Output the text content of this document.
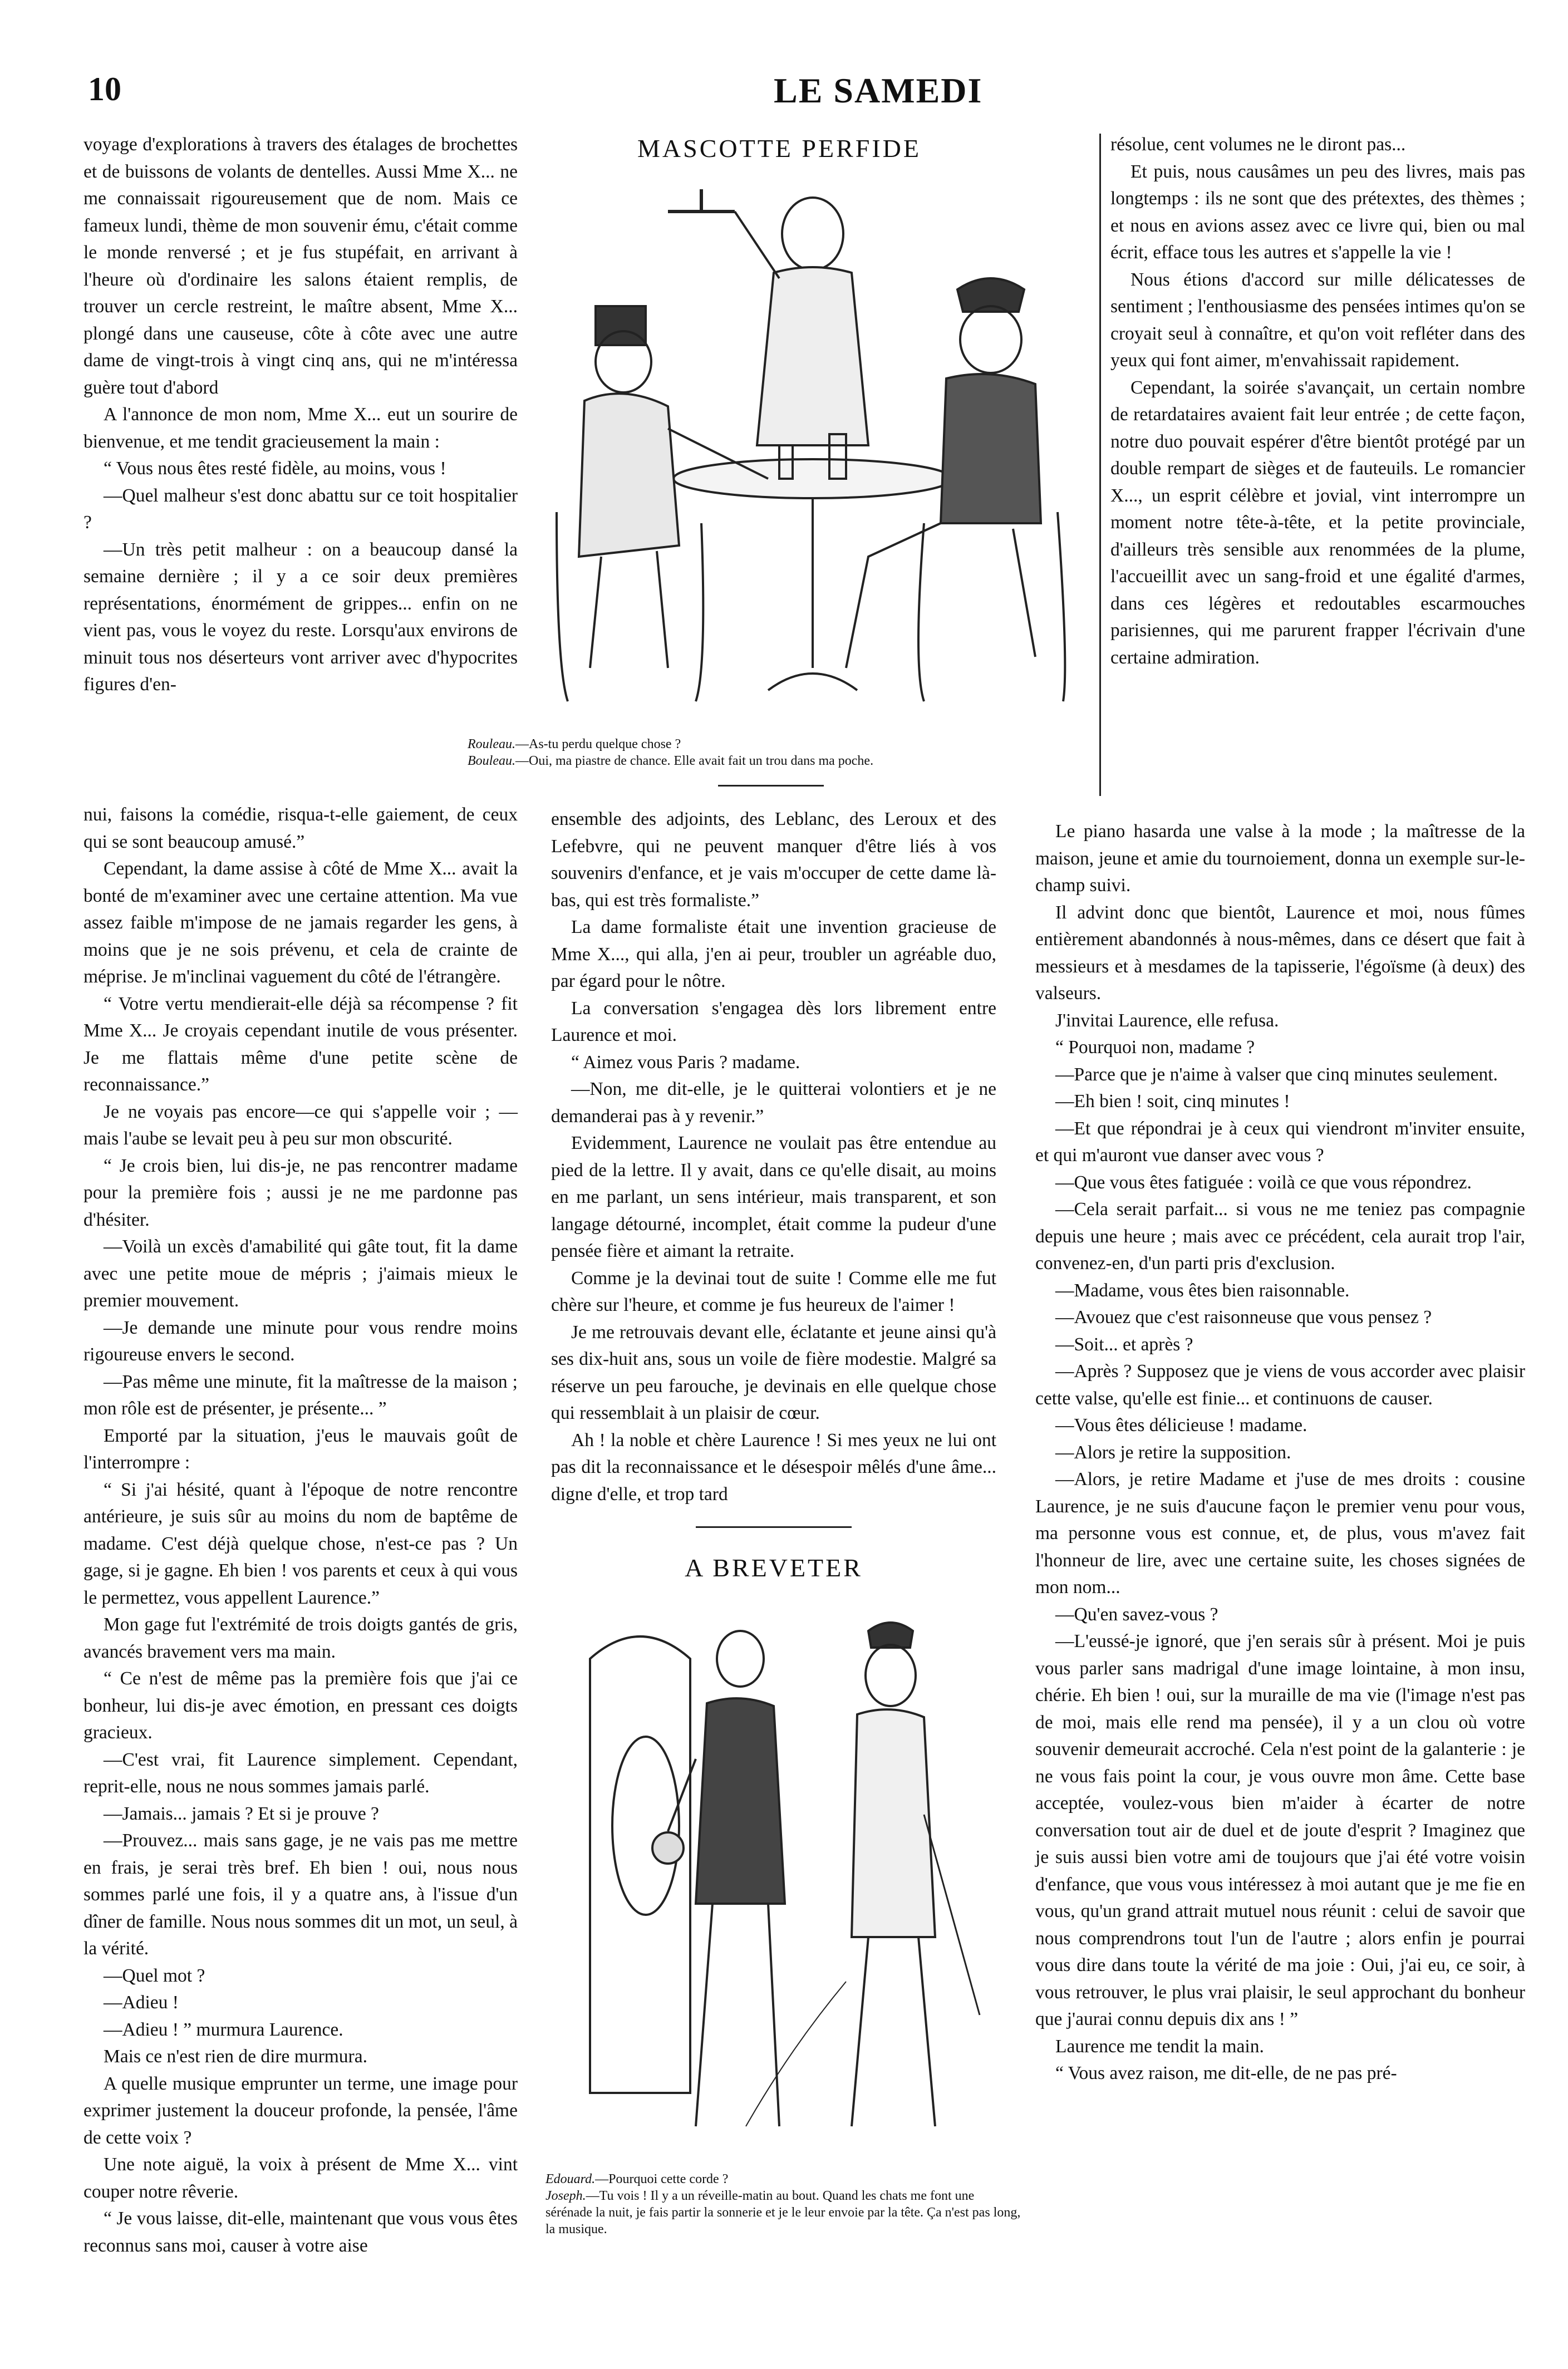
10	LE SAMEDI

voyage d'explorations à travers des étalages de brochettes et de buissons de volants de dentelles. Aussi Mme X... ne me connaissait rigoureusement que de nom. Mais ce fameux lundi, thème de mon souvenir ému, c'était comme le monde renversé ; et je fus stupéfait, en arrivant à l'heure où d'ordinaire les salons étaient remplis, de trouver un cercle restreint, le maître absent, Mme X... plongé dans une causeuse, côte à côte avec une autre dame de vingt-trois à vingt cinq ans, qui ne m'intéressa guère tout d'abord

A l'annonce de mon nom, Mme X... eut un sourire de bienvenue, et me tendit gracieusement la main :

“ Vous nous êtes resté fidèle, au moins, vous !

—Quel malheur s'est donc abattu sur ce toit hospitalier ?

—Un très petit malheur : on a beaucoup dansé la semaine dernière ; il y a ce soir deux premières représentations, énormément de grippes... enfin on ne vient pas, vous le voyez du reste. Lorsqu'aux environs de minuit tous nos déserteurs vont arriver avec d'hypocrites figures d'en-

MASCOTTE PERFIDE
Rouleau.—As-tu perdu quelque chose ?
Bouleau.—Oui, ma piastre de chance. Elle avait fait un trou dans ma poche.

nui, faisons la comédie, risqua-t-elle gaiement, de ceux qui se sont beaucoup amusé.”

Cependant, la dame assise à côté de Mme X... avait la bonté de m'examiner avec une certaine attention. Ma vue assez faible m'impose de ne jamais regarder les gens, à moins que je ne sois prévenu, et cela de crainte de méprise. Je m'inclinai vaguement du côté de l'étrangère.

“ Votre vertu mendierait-elle déjà sa récompense ? fit Mme X... Je croyais cependant inutile de vous présenter. Je me flattais même d'une petite scène de reconnaissance.”

Je ne voyais pas encore—ce qui s'appelle voir ; — mais l'aube se levait peu à peu sur mon obscurité.

“ Je crois bien, lui dis-je, ne pas rencontrer madame pour la première fois ; aussi je ne me pardonne pas d'hésiter.

—Voilà un excès d'amabilité qui gâte tout, fit la dame avec une petite moue de mépris ; j'aimais mieux le premier mouvement.

—Je demande une minute pour vous rendre moins rigoureuse envers le second.

—Pas même une minute, fit la maîtresse de la maison ; mon rôle est de présenter, je présente... ”

Emporté par la situation, j'eus le mauvais goût de l'interrompre :

“ Si j'ai hésité, quant à l'époque de notre rencontre antérieure, je suis sûr au moins du nom de baptême de madame. C'est déjà quelque chose, n'est-ce pas ? Un gage, si je gagne. Eh bien ! vos parents et ceux à qui vous le permettez, vous appellent Laurence.”

Mon gage fut l'extrémité de trois doigts gantés de gris, avancés bravement vers ma main.

“ Ce n'est de même pas la première fois que j'ai ce bonheur, lui dis-je avec émotion, en pressant ces doigts gracieux.

—C'est vrai, fit Laurence simplement. Cependant, reprit-elle, nous ne nous sommes jamais parlé.

—Jamais... jamais ? Et si je prouve ?

—Prouvez... mais sans gage, je ne vais pas me mettre en frais, je serai très bref. Eh bien ! oui, nous nous sommes parlé une fois, il y a quatre ans, à l'issue d'un dîner de famille. Nous nous sommes dit un mot, un seul, à la vérité.

—Quel mot ?

—Adieu !

—Adieu ! ” murmura Laurence.

Mais ce n'est rien de dire murmura.

A quelle musique emprunter un terme, une image pour exprimer justement la douceur profonde, la pensée, l'âme de cette voix ?

Une note aiguë, la voix à présent de Mme X... vint couper notre rêverie.

“ Je vous laisse, dit-elle, maintenant que vous vous êtes reconnus sans moi, causer à votre aise

ensemble des adjoints, des Leblanc, des Leroux et des Lefebvre, qui ne peuvent manquer d'être liés à vos souvenirs d'enfance, et je vais m'occuper de cette dame là-bas, qui est très formaliste.”

La dame formaliste était une invention gracieuse de Mme X..., qui alla, j'en ai peur, troubler un agréable duo, par égard pour le nôtre.

La conversation s'engagea dès lors librement entre Laurence et moi.

“ Aimez vous Paris ? madame.

—Non, me dit-elle, je le quitterai volontiers et je ne demanderai pas à y revenir.”

Evidemment, Laurence ne voulait pas être entendue au pied de la lettre. Il y avait, dans ce qu'elle disait, au moins en me parlant, un sens intérieur, mais transparent, et son langage détourné, incomplet, était comme la pudeur d'une pensée fière et aimant la retraite.

Comme je la devinai tout de suite ! Comme elle me fut chère sur l'heure, et comme je fus heureux de l'aimer !

Je me retrouvais devant elle, éclatante et jeune ainsi qu'à ses dix-huit ans, sous un voile de fière modestie. Malgré sa réserve un peu farouche, je devinais en elle quelque chose qui ressemblait à un plaisir de cœur.

Ah ! la noble et chère Laurence ! Si mes yeux ne lui ont pas dit la reconnaissance et le désespoir mêlés d'une âme... digne d'elle, et trop tard

A BREVETER
Edouard.—Pourquoi cette corde ?
Joseph.—Tu vois ! Il y a un réveille-matin au bout. Quand les chats me font une sérénade la nuit, je fais partir la sonnerie et je le leur envoie par la tête. Ça n'est pas long, la musique.

résolue, cent volumes ne le diront pas...

Et puis, nous causâmes un peu des livres, mais pas longtemps : ils ne sont que des prétextes, des thèmes ; et nous en avions assez avec ce livre qui, bien ou mal écrit, efface tous les autres et s'appelle la vie !

Nous étions d'accord sur mille délicatesses de sentiment ; l'enthousiasme des pensées intimes qu'on se croyait seul à connaître, et qu'on voit refléter dans des yeux qui font aimer, m'envahissait rapidement.

Cependant, la soirée s'avançait, un certain nombre de retardataires avaient fait leur entrée ; de cette façon, notre duo pouvait espérer d'être bientôt protégé par un double rempart de sièges et de fauteuils. Le romancier X..., un esprit célèbre et jovial, vint interrompre un moment notre tête-à-tête, et la petite provinciale, d'ailleurs très sensible aux renommées de la plume, l'accueillit avec un sang-froid et une égalité d'armes, dans ces légères et redoutables escarmouches parisiennes, qui me parurent frapper l'écrivain d'une certaine admiration.

Le piano hasarda une valse à la mode ; la maîtresse de la maison, jeune et amie du tournoiement, donna un exemple sur-le-champ suivi.

Il advint donc que bientôt, Laurence et moi, nous fûmes entièrement abandonnés à nous-mêmes, dans ce désert que fait à messieurs et à mesdames de la tapisserie, l'égoïsme (à deux) des valseurs.

J'invitai Laurence, elle refusa.

“ Pourquoi non, madame ?

—Parce que je n'aime à valser que cinq minutes seulement.

—Eh bien ! soit, cinq minutes !

—Et que répondrai je à ceux qui viendront m'inviter ensuite, et qui m'auront vue danser avec vous ?

—Que vous êtes fatiguée : voilà ce que vous répondrez.

—Cela serait parfait... si vous ne me teniez pas compagnie depuis une heure ; mais avec ce précédent, cela aurait trop l'air, convenez-en, d'un parti pris d'exclusion.

—Madame, vous êtes bien raisonnable.

—Avouez que c'est raisonneuse que vous pensez ?

—Soit... et après ?

—Après ? Supposez que je viens de vous accorder avec plaisir cette valse, qu'elle est finie... et continuons de causer.

—Vous êtes délicieuse ! madame.

—Alors je retire la supposition.

—Alors, je retire Madame et j'use de mes droits : cousine Laurence, je ne suis d'aucune façon le premier venu pour vous, ma personne vous est connue, et, de plus, vous m'avez fait l'honneur de lire, avec une certaine suite, les choses signées de mon nom...

—Qu'en savez-vous ?

—L'eussé-je ignoré, que j'en serais sûr à présent. Moi je puis vous parler sans madrigal d'une image lointaine, à mon insu, chérie. Eh bien ! oui, sur la muraille de ma vie (l'image n'est pas de moi, mais elle rend ma pensée), il y a un clou où votre souvenir demeurait accroché. Cela n'est point de la galanterie : je ne vous fais point la cour, je vous ouvre mon âme. Cette base acceptée, voulez-vous bien m'aider à écarter de notre conversation tout air de duel et de joute d'esprit ? Imaginez que je suis aussi bien votre ami de toujours que j'ai été votre voisin d'enfance, que vous vous intéressez à moi autant que je me fie en vous, qu'un grand attrait mutuel nous réunit : celui de savoir que nous comprendrons tout l'un de l'autre ; alors enfin je pourrai vous dire dans toute la vérité de ma joie : Oui, j'ai eu, ce soir, à vous retrouver, le plus vrai plaisir, le seul approchant du bonheur que j'aurai connu depuis dix ans ! ”

Laurence me tendit la main.

“ Vous avez raison, me dit-elle, de ne pas pré-
